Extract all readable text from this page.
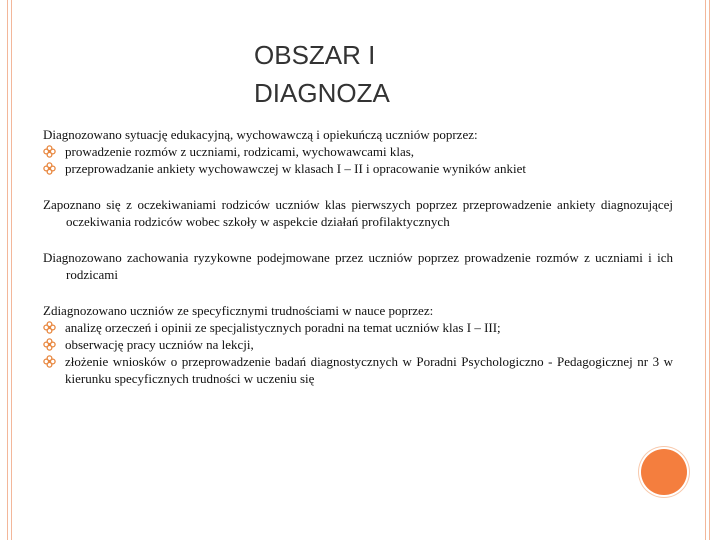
OBSZAR I
DIAGNOZA

Diagnozowano sytuację edukacyjną, wychowawczą i opiekuńczą uczniów poprzez:

prowadzenie rozmów z uczniami, rodzicami, wychowawcami klas,
przeprowadzanie ankiety wychowawczej w klasach I – II i opracowanie wyników ankiet

Zapoznano się z oczekiwaniami rodziców uczniów klas pierwszych poprzez przeprowadzenie ankiety diagnozującej oczekiwania rodziców wobec szkoły w aspekcie działań profilaktycznych

Diagnozowano zachowania ryzykowne podejmowane przez uczniów poprzez prowadzenie rozmów z uczniami i ich rodzicami

Zdiagnozowano uczniów ze specyficznymi trudnościami w nauce poprzez:

analizę orzeczeń i opinii ze specjalistycznych poradni na temat uczniów klas I – III;
obserwację pracy uczniów na lekcji,
złożenie wniosków o przeprowadzenie badań diagnostycznych w Poradni Psychologiczno - Pedagogicznej nr 3 w kierunku specyficznych trudności w uczeniu się
